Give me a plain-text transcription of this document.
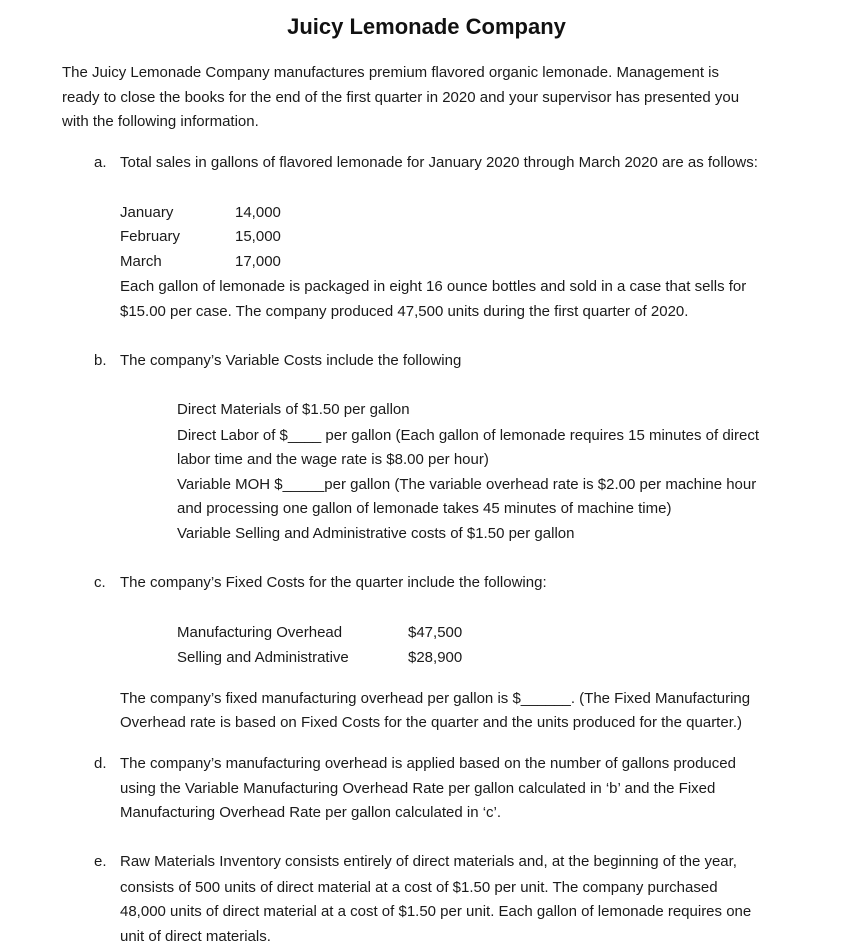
Juicy Lemonade Company
The Juicy Lemonade Company manufactures premium flavored organic lemonade. Management is
ready to close the books for the end of the first quarter in 2020 and your supervisor has presented you
with the following information.
a. Total sales in gallons of flavored lemonade for January 2020 through March 2020 are as follows:
January	14,000
February	15,000
March	17,000
Each gallon of lemonade is packaged in eight 16 ounce bottles and sold in a case that sells for
$15.00 per case. The company produced 47,500 units during the first quarter of 2020.
b. The company’s Variable Costs include the following
Direct Materials of $1.50 per gallon
Direct Labor of $____ per gallon (Each gallon of lemonade requires 15 minutes of direct
labor time and the wage rate is $8.00 per hour)
Variable MOH $_____per gallon (The variable overhead rate is $2.00 per machine hour
and processing one gallon of lemonade takes 45 minutes of machine time)
Variable Selling and Administrative costs of $1.50 per gallon
c. The company’s Fixed Costs for the quarter include the following:
Manufacturing Overhead	$47,500
Selling and Administrative	$28,900
The company’s fixed manufacturing overhead per gallon is $______. (The Fixed Manufacturing
Overhead rate is based on Fixed Costs for the quarter and the units produced for the quarter.)
d. The company’s manufacturing overhead is applied based on the number of gallons produced
using the Variable Manufacturing Overhead Rate per gallon calculated in ‘b’ and the Fixed
Manufacturing Overhead Rate per gallon calculated in ‘c’.
e. Raw Materials Inventory consists entirely of direct materials and, at the beginning of the year,
consists of 500 units of direct material at a cost of $1.50 per unit. The company purchased
48,000 units of direct material at a cost of $1.50 per unit. Each gallon of lemonade requires one
unit of direct materials.
